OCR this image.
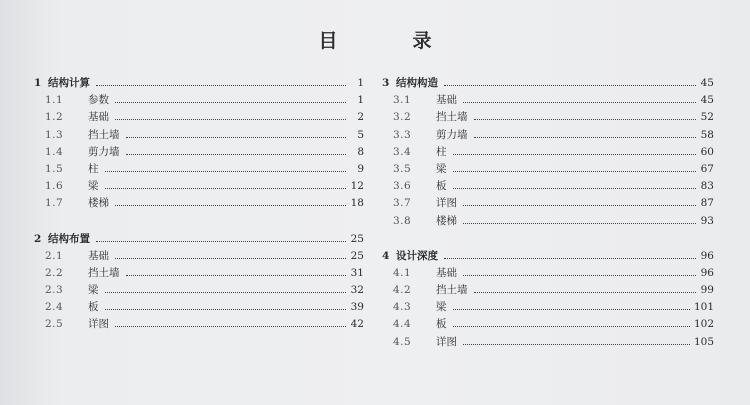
目　录
1 结构计算	1
1.1	参数	1
1.2	基础	2
1.3	挡土墙	5
1.4	剪力墙	8
1.5	柱	9
1.6	梁	12
1.7	楼梯	18
2 结构布置	25
2.1	基础	25
2.2	挡土墙	31
2.3	梁	32
2.4	板	39
2.5	详图	42
3 结构构造	45
3.1	基础	45
3.2	挡土墙	52
3.3	剪力墙	58
3.4	柱	60
3.5	梁	67
3.6	板	83
3.7	详图	87
3.8	楼梯	93
4 设计深度	96
4.1	基础	96
4.2	挡土墙	99
4.3	梁	101
4.4	板	102
4.5	详图	105
